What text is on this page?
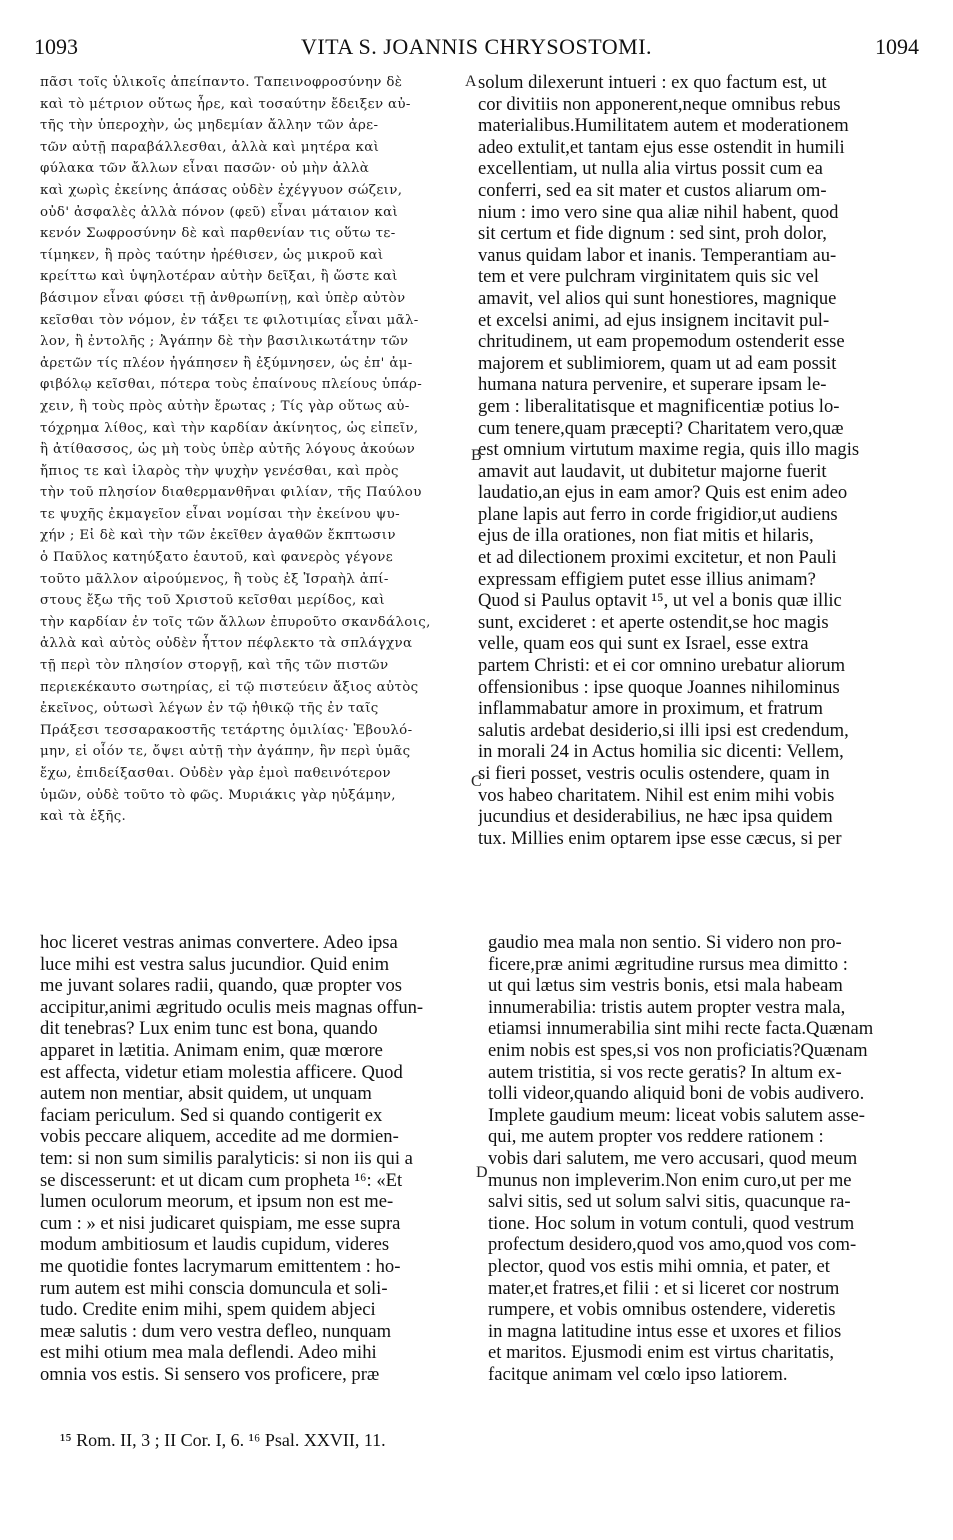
1093	VITA S. JOANNIS CHRYSOSTOMI.	1094
πᾶσι τοῖς ὑλικοῖς ἀπείπαντο. Ταπεινοφροσύνην δὲ
καὶ τὸ μέτριον οὕτως ἦρε, καὶ τοσαύτην ἔδειξεν αὐ-
τῆς τὴν ὑπεροχὴν, ὡς μηδεμίαν ἄλλην τῶν ἀρε-
τῶν αὐτῇ παραβάλλεσθαι, ἀλλὰ καὶ μητέρα καὶ
φύλακα τῶν ἄλλων εἶναι πασῶν· οὐ μὴν ἀλλὰ
καὶ χωρὶς ἐκείνης ἁπάσας οὐδὲν ἐχέγγυον σώζειν,
οὐδ' ἀσφαλὲς ἀλλὰ πόνον (φεῦ) εἶναι μάταιον καὶ
κενόν Σωφροσύνην δὲ καὶ παρθενίαν τις οὕτω τε-
τίμηκεν, ἢ πρὸς ταύτην ἠρέθισεν, ὡς μικροῦ καὶ
κρείττω καὶ ὑψηλοτέραν αὐτὴν δεῖξαι, ἢ ὥστε καὶ
βάσιμον εἶναι φύσει τῇ ἀνθρωπίνῃ, καὶ ὑπὲρ αὐτὸν
κεῖσθαι τὸν νόμον, ἐν τάξει τε φιλοτιμίας εἶναι μᾶλ-
λον, ἢ ἐντολῆς ; Ἀγάπην δὲ τὴν βασιλικωτάτην τῶν
ἀρετῶν τίς πλέον ἠγάπησεν ἢ ἐξύμνησεν, ὡς ἐπ' ἀμ-
φιβόλῳ κεῖσθαι, πότερα τοὺς ἐπαίνους πλείους ὑπάρ-
χειν, ἢ τοὺς πρὸς αὐτὴν ἔρωτας ; Τίς γὰρ οὕτως αὐ-
τόχρημα λίθος, καὶ τὴν καρδίαν ἀκίνητος, ὡς εἰπεῖν,
ἢ ἀτίθασσος, ὡς μὴ τοὺς ὑπὲρ αὐτῆς λόγους ἀκούων
ἤπιος τε καὶ ἱλαρὸς τὴν ψυχὴν γενέσθαι, καὶ πρὸς
τὴν τοῦ πλησίον διαθερμανθῆναι φιλίαν, τῆς Παύλου
τε ψυχῆς ἐκμαγεῖον εἶναι νομίσαι τὴν ἐκείνου ψυ-
χήν ; Εἰ δὲ καὶ τὴν τῶν ἐκεῖθεν ἀγαθῶν ἔκπτωσιν
ὁ Παῦλος κατηύξατο ἑαυτοῦ, καὶ φανερὸς γέγονε
τοῦτο μᾶλλον αἱρούμενος, ἢ τοὺς ἐξ Ἰσραὴλ ἀπί-
στους ἔξω τῆς τοῦ Χριστοῦ κεῖσθαι μερίδος, καὶ
τὴν καρδίαν ἐν τοῖς τῶν ἄλλων ἐπυροῦτο σκανδάλοις,
ἀλλὰ καὶ αὐτὸς οὐδὲν ἧττον πέφλεκτο τὰ σπλάγχνα
τῇ περὶ τὸν πλησίον στοργῇ, καὶ τῆς τῶν πιστῶν
περιεκέκαυτο σωτηρίας, εἰ τῷ πιστεύειν ἄξιος αὐτὸς
ἐκεῖνος, οὑτωσὶ λέγων ἐν τῷ ἠθικῷ τῆς ἐν ταῖς
Πράξεσι τεσσαρακοστῆς τετάρτης ὁμιλίας· Ἐβουλό-
μην, εἰ οἷόν τε, ὄψει αὐτῇ τὴν ἀγάπην, ἣν περὶ ὑμᾶς
ἔχω, ἐπιδείξασθαι. Οὐδὲν γὰρ ἐμοὶ παθεινότερον
ὑμῶν, οὐδὲ τοῦτο τὸ φῶς. Μυριάκις γὰρ ηὐξάμην,
καὶ τὰ ἑξῆς.
solum dilexerunt intueri : ex quo factum est, ut
cor divitiis non apponerent,neque omnibus rebus
materialibus.Humilitatem autem et moderationem
adeo extulit,et tantam ejus esse ostendit in humili
excellentiam, ut nulla alia virtus possit cum ea
conferri, sed ea sit mater et custos aliarum om-
nium : imo vero sine qua aliæ nihil habent, quod
sit certum et fide dignum : sed sint, proh dolor,
vanus quidam labor et inanis. Temperantiam au-
tem et vere pulchram virginitatem quis sic vel
amavit, vel alios qui sunt honestiores, magnique
et excelsi animi, ad ejus insignem incitavit pul-
chritudinem, ut eam propemodum ostenderit esse
majorem et sublimiorem, quam ut ad eam possit
humana natura pervenire, et superare ipsam le-
gem : liberalitatisque et magnificentiæ potius lo-
cum tenere,quam præcepti? Charitatem vero,quæ
est omnium virtutum maxime regia, quis illo magis
amavit aut laudavit, ut dubitetur majorne fuerit
laudatio,an ejus in eam amor? Quis est enim adeo
plane lapis aut ferro in corde frigidior,ut audiens
ejus de illa orationes, non fiat mitis et hilaris,
et ad dilectionem proximi excitetur, et non Pauli
expressam effigiem putet esse illius animam?
Quod si Paulus optavit ¹⁵, ut vel a bonis quæ illic
sunt, excideret : et aperte ostendit,se hoc magis
velle, quam eos qui sunt ex Israel, esse extra
partem Christi: et ei cor omnino urebatur aliorum
offensionibus : ipse quoque Joannes nihilominus
inflammabatur amore in proximum, et fratrum
salutis ardebat desiderio,si illi ipsi est credendum,
in morali 24 in Actus homilia sic dicenti: Vellem,
si fieri posset, vestris oculis ostendere, quam in
vos habeo charitatem. Nihil est enim mihi vobis
jucundius et desiderabilius, ne hæc ipsa quidem
tux. Millies enim optarem ipse esse cæcus, si per
hoc liceret vestras animas convertere. Adeo ipsa
luce mihi est vestra salus jucundior. Quid enim
me juvant solares radii, quando, quæ propter vos
accipitur,animi ægritudo oculis meis magnas offun-
dit tenebras? Lux enim tunc est bona, quando
apparet in lætitia. Animam enim, quæ mœrore
est affecta, videtur etiam molestia afficere. Quod
autem non mentiar, absit quidem, ut unquam
faciam periculum. Sed si quando contigerit ex
vobis peccare aliquem, accedite ad me dormien-
tem: si non sum similis paralyticis: si non iis qui a
se discesserunt: et ut dicam cum propheta ¹⁶: «Et
lumen oculorum meorum, et ipsum non est me-
cum : » et nisi judicaret quispiam, me esse supra
modum ambitiosum et laudis cupidum, videres
me quotidie fontes lacrymarum emittentem : ho-
rum autem est mihi conscia domuncula et soli-
tudo. Credite enim mihi, spem quidem abjeci
meæ salutis : dum vero vestra defleo, nunquam
est mihi otium mea mala deflendi. Adeo mihi
omnia vos estis. Si sensero vos proficere, præ
gaudio mea mala non sentio. Si videro non pro-
ficere,præ animi ægritudine rursus mea dimitto :
ut qui lætus sim vestris bonis, etsi mala habeam
innumerabilia: tristis autem propter vestra mala,
etiamsi innumerabilia sint mihi recte facta.Quænam
enim nobis est spes,si vos non proficiatis?Quænam
autem tristitia, si vos recte geratis? In altum ex-
tolli videor,quando aliquid boni de vobis audivero.
Implete gaudium meum: liceat vobis salutem asse-
qui, me autem propter vos reddere rationem :
vobis dari salutem, me vero accusari, quod meum
munus non impleverim.Non enim curo,ut per me
salvi sitis, sed ut solum salvi sitis, quacunque ra-
tione. Hoc solum in votum contuli, quod vestrum
profectum desidero,quod vos amo,quod vos com-
plector, quod vos estis mihi omnia, et pater, et
mater,et fratres,et filii : et si liceret cor nostrum
rumpere, et vobis omnibus ostendere, videretis
in magna latitudine intus esse et uxores et filios
et maritos. Ejusmodi enim est virtus charitatis,
facitque animam vel cœlo ipso latiorem.
A
B
C
D
¹⁵ Rom. II, 3 ; II Cor. I, 6. ¹⁶ Psal. XXVII, 11.
